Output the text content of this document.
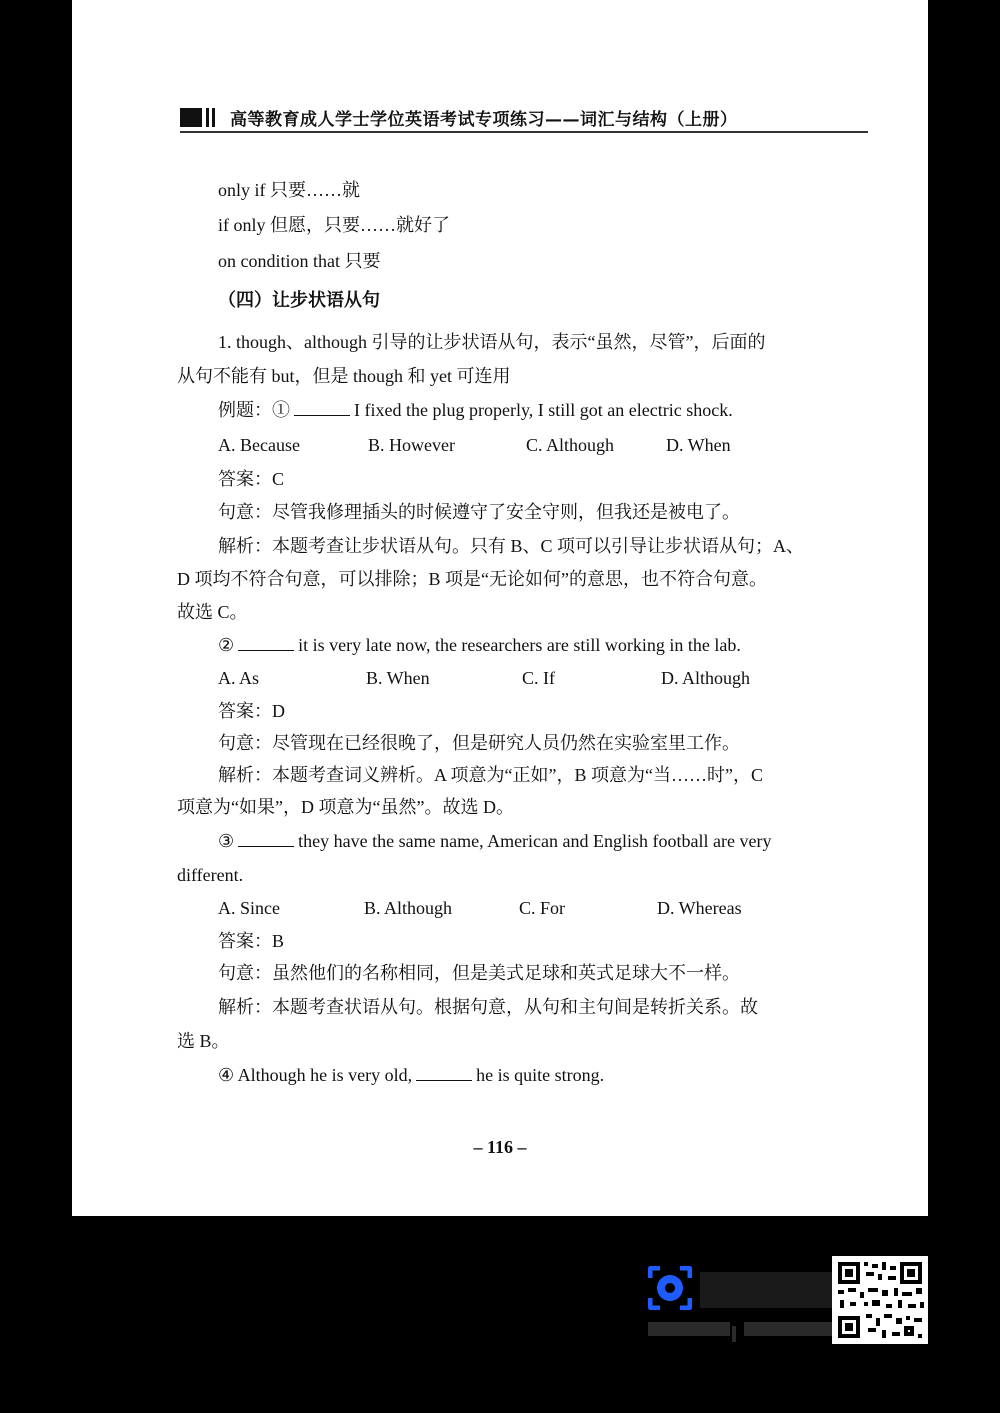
高等教育成人学士学位英语考试专项练习——词汇与结构（上册）
only if 只要……就
if only 但愿，只要……就好了
on condition that 只要
（四）让步状语从句
1. though、although 引导的让步状语从句，表示“虽然，尽管”，后面的
从句不能有 but，但是 though 和 yet 可连用
例题：①	I fixed the plug properly, I still got an electric shock.
A. Because	B. However	C. Although	D. When
答案：C
句意：尽管我修理插头的时候遵守了安全守则，但我还是被电了。
解析：本题考查让步状语从句。只有 B、C 项可以引导让步状语从句；A、
D 项均不符合句意，可以排除；B 项是“无论如何”的意思，也不符合句意。
故选 C。
②	it is very late now, the researchers are still working in the lab.
A. As	B. When	C. If	D. Although
答案：D
句意：尽管现在已经很晚了，但是研究人员仍然在实验室里工作。
解析：本题考查词义辨析。A 项意为“正如”，B 项意为“当……时”，C
项意为“如果”，D 项意为“虽然”。故选 D。
③	they have the same name, American and English football are very
different.
A. Since	B. Although	C. For	D. Whereas
答案：B
句意：虽然他们的名称相同，但是美式足球和英式足球大不一样。
解析：本题考查状语从句。根据句意，从句和主句间是转折关系。故
选 B。
④ Although he is very old,	he is quite strong.
– 116 –
